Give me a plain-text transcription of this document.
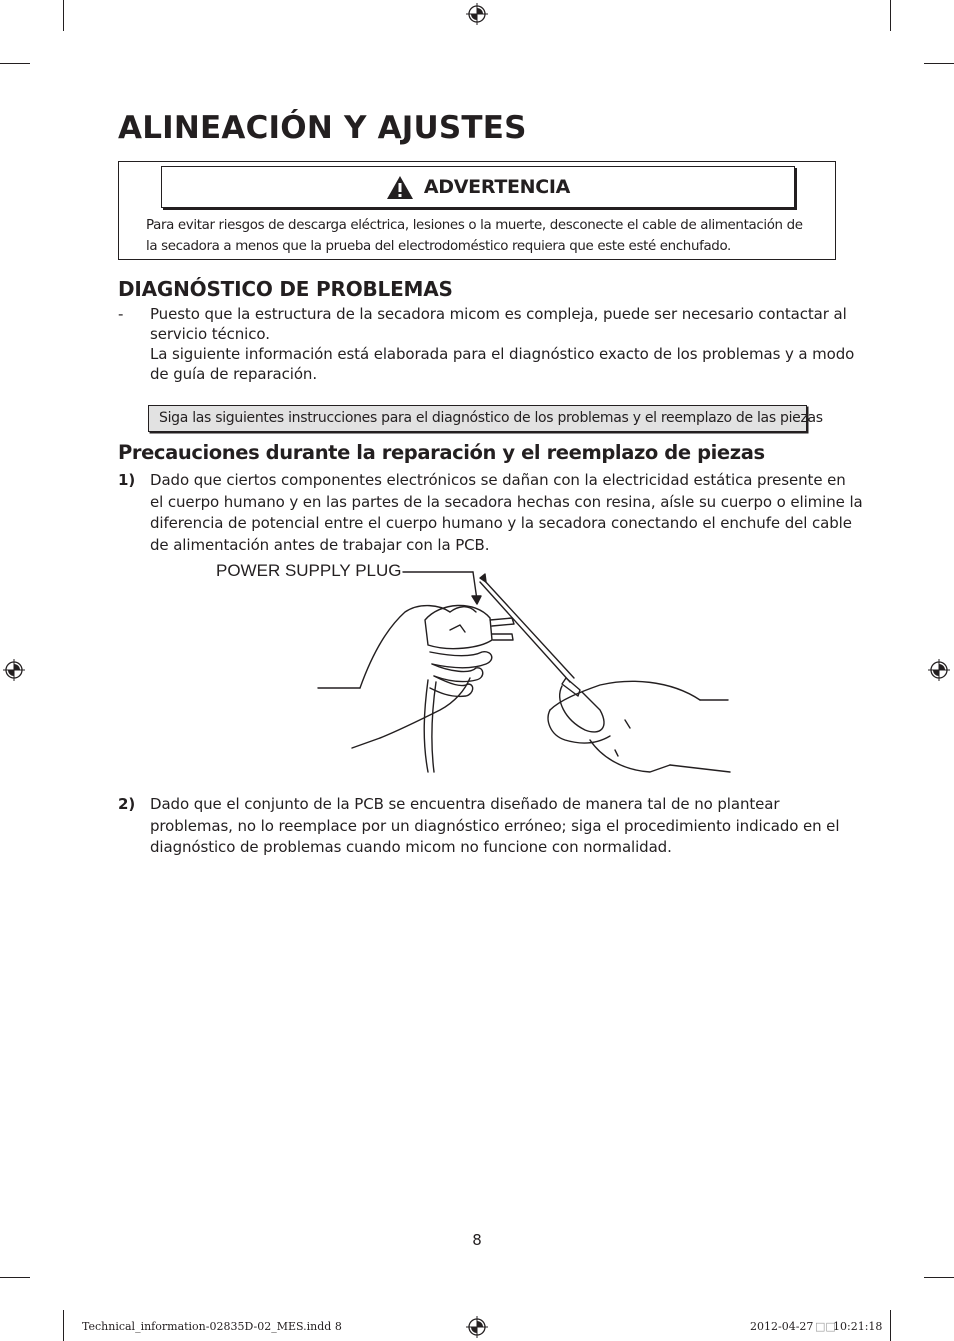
ALINEACIÓN Y AJUSTES
ADVERTENCIA
Para evitar riesgos de descarga eléctrica, lesiones o la muerte, desconecte el cable de alimentación de
la secadora a menos que la prueba del electrodoméstico requiera que este esté enchufado.
DIAGNÓSTICO DE PROBLEMAS
- Puesto que la estructura de la secadora micom es compleja, puede ser necesario contactar al
servicio técnico.
La siguiente información está elaborada para el diagnóstico exacto de los problemas y a modo
de guía de reparación.
Siga las siguientes instrucciones para el diagnóstico de los problemas y el reemplazo de las piezas
Precauciones durante la reparación y el reemplazo de piezas
1) Dado que ciertos componentes electrónicos se dañan con la electricidad estática presente en
el cuerpo humano y en las partes de la secadora hechas con resina, aísle su cuerpo o elimine la
diferencia de potencial entre el cuerpo humano y la secadora conectando el enchufe del cable
de alimentación antes de trabajar con la PCB.
POWER SUPPLY PLUG
2) Dado que el conjunto de la PCB se encuentra diseñado de manera tal de no plantear
problemas, no lo reemplace por un diagnóstico erróneo; siga el procedimiento indicado en el
diagnóstico de problemas cuando micom no funcione con normalidad.
8
Technical_information-02835D-02_MES.indd 8	2012-04-27 □□
10:21:18
